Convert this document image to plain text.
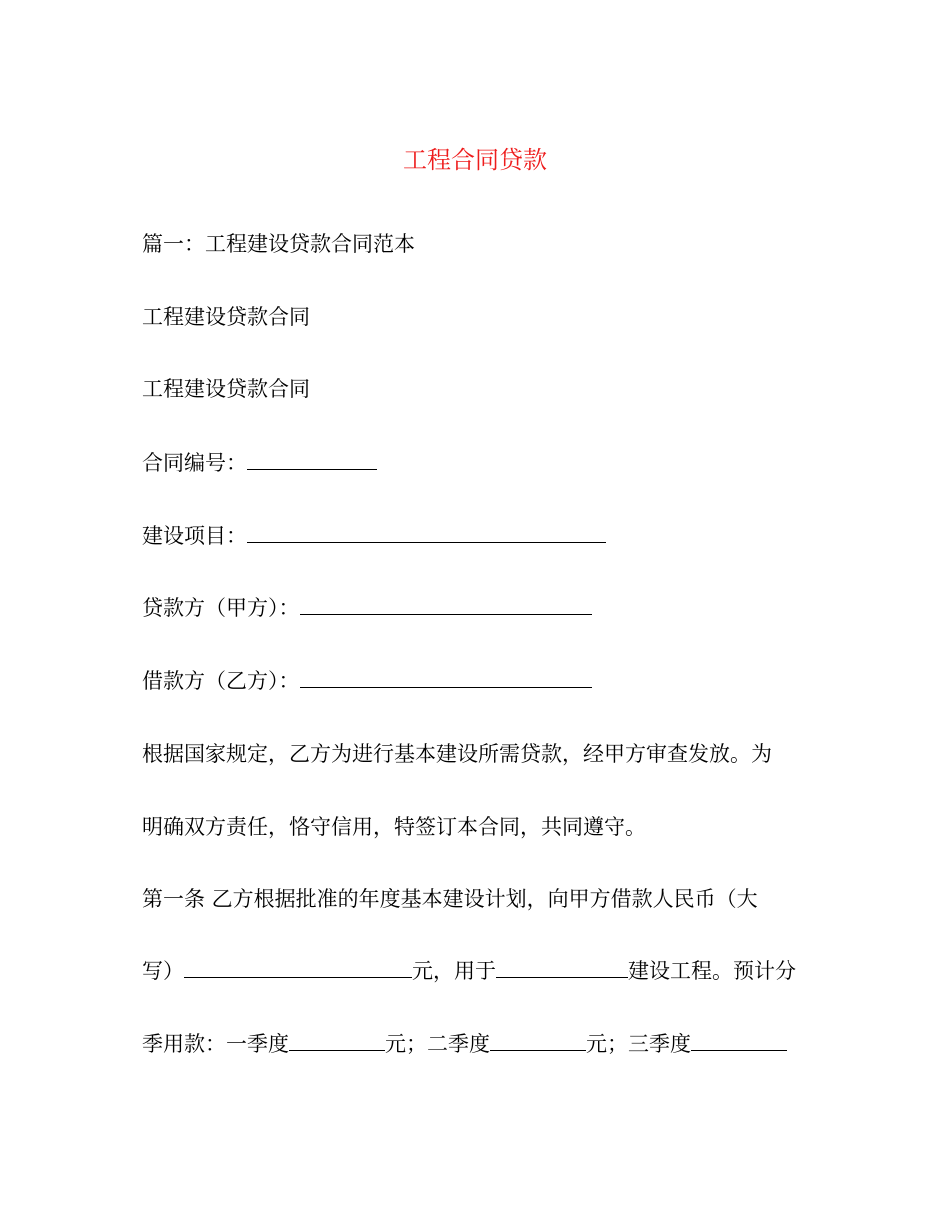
工程合同贷款
篇一：工程建设贷款合同范本
工程建设贷款合同
工程建设贷款合同
合同编号：
建设项目：
贷款方（甲方）：
借款方（乙方）：
根据国家规定，乙方为进行基本建设所需贷款，经甲方审查发放。为
明确双方责任，恪守信用，特签订本合同，共同遵守。
第一条 乙方根据批准的年度基本建设计划，向甲方借款人民币（大
写）	元，用于	建设工程。预计分
季用款：一季度	元；二季度	元；三季度
